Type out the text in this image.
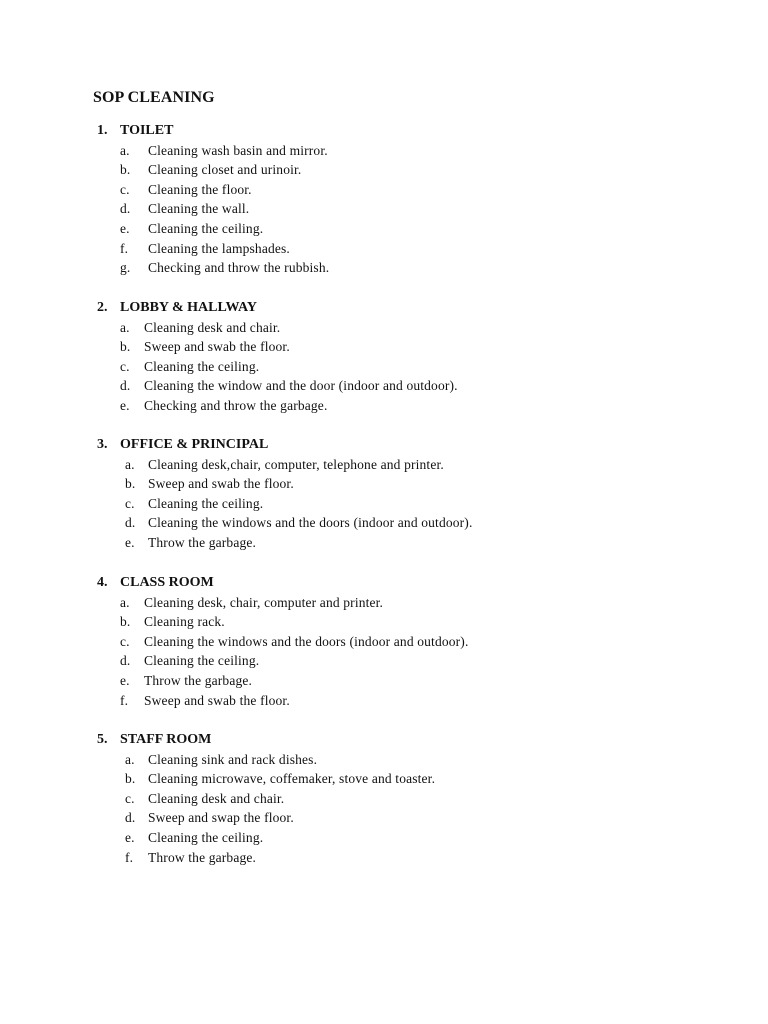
SOP CLEANING
1. TOILET
a. Cleaning wash basin and mirror.
b. Cleaning closet and urinoir.
c. Cleaning the floor.
d. Cleaning the wall.
e. Cleaning the ceiling.
f. Cleaning the lampshades.
g. Checking and throw the rubbish.
2. LOBBY & HALLWAY
a. Cleaning desk and chair.
b. Sweep and swab the floor.
c. Cleaning the ceiling.
d. Cleaning the window and the door (indoor and outdoor).
e. Checking and throw the garbage.
3. OFFICE & PRINCIPAL
a. Cleaning desk,chair, computer, telephone and printer.
b. Sweep and swab the floor.
c. Cleaning the ceiling.
d. Cleaning the windows and the doors (indoor and outdoor).
e. Throw the garbage.
4. CLASS ROOM
a. Cleaning desk, chair, computer and printer.
b. Cleaning rack.
c. Cleaning the windows and the doors (indoor and outdoor).
d. Cleaning the ceiling.
e. Throw the garbage.
f. Sweep and swab the floor.
5. STAFF ROOM
a. Cleaning sink and rack dishes.
b. Cleaning microwave, coffemaker, stove and toaster.
c. Cleaning desk and chair.
d. Sweep and swap the floor.
e. Cleaning the ceiling.
f. Throw the garbage.
